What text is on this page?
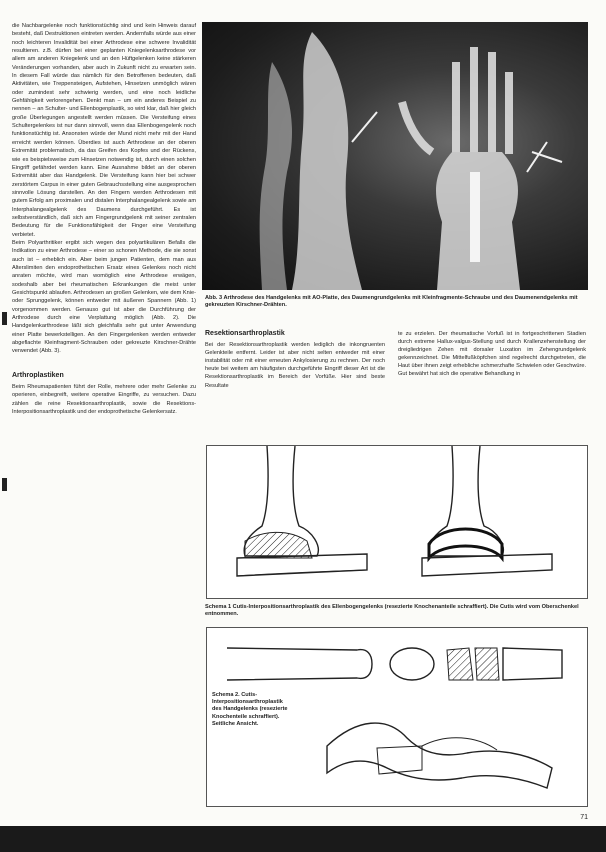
die Nachbargelenke noch funktionstüchtig sind und kein Hinweis darauf besteht, daß Destruktionen eintreten werden. Andernfalls würde aus einer noch leichteren Invalidität bei einer Arthrodese eine schwere Invalidität resultieren. z.B. dürfen bei einer geplanten Kniegelenksarthrodese vor allem am anderen Kniegelenk und an den Hüftgelenken keine stärkeren Veränderungen vorhanden, aber auch in Zukunft nicht zu erwarten sein. In diesem Fall würde das nämlich für den Betroffenen bedeuten, daß Aktivitäten, wie Treppensteigen, Aufstehen, Hinsetzen unmöglich wären oder zumindest sehr schwierig werden, und eine noch leidliche Gehfähigkeit verlorengehen. Denkt man – um ein anderes Beispiel zu nennen – an Schulter- und Ellenbogenplastik, so wird klar, daß hier gleich große Überlegungen angestellt werden müssen. Die Versteifung eines Schultergelenkes ist nur dann sinnvoll, wenn das Ellenbogengelenk noch funktionstüchtig ist. Ansonsten würde der Mund nicht mehr mit der Hand erreicht werden können. Überdies ist auch Arthrodese an der oberen Extremität problematisch, da das Greifen des Kopfes und der Rückens, wie es beispielsweise zum Hinsetzen notwendig ist, durch einen solchen Eingriff gefährdet werden kann. Eine Ausnahme bildet an der oberen Extremität aber das Handgelenk. Die Versteifung kann hier bei schwer zerstörtem Carpus in einer guten Gebrauchsstellung eine ausgesprochen sinnvolle Lösung darstellen. An den Fingern werden Arthrodesen mit gutem Erfolg am proximalen und distalen Interphalangealgelenk sowie am Interphalangealgelenk des Daumens durchgeführt. Es ist selbstverständlich, daß sich am Fingergrundgelenk mit seiner zentralen Bedeutung für die Funktionsfähigkeit der Finger eine Versteifung verbietet.

Beim Polyarthritiker ergibt sich wegen des polyartikulären Befalls die Indikation zu einer Arthrodese – einer so schonen Methode, die sie sonst auch ist – erheblich ein. Aber beim jungen Patienten, dem man aus Alterslimiten den endoprothetischen Ersatz eines Gelenkes noch nicht anraten möchte, wird man womöglich eine Arthrodese erwägen, sodeshalb aber bei rheumatischen Erkrankungen die meist unter Gesichtspunkt ablaufen. Arthrodesen an großen Gelenken, wie dem Knie- oder Sprunggelenk, können entweder mit äußeren Spannern (Abb. 1) vorgenommen werden. Genauso gut ist aber die Durchführung der Arthrodese durch eine Verplattung möglich (Abb. 2). Die Handgelenkarthrodese läßt sich gleichfalls sehr gut unter Anwendung einer Platte bewerkstelligen. An den Fingergelenken werden entweder abgeflachte Kleinfragment-Schrauben oder gekreuzte Kirschner-Drähte verwendet (Abb. 3).

Arthroplastiken

Beim Rheumapatienten führt der Rolle, mehrere oder mehr Gelenke zu operieren, einbegreift, weitere operative Eingriffe, zu versuchen. Dazu zählen die reine Resektionsarthroplastik, sowie die Resektions-Interpositionsarthroplastik und der endoprothetische Gelenkersatz.

Abb. 3 Arthrodese des Handgelenks mit AO-Platte, des Daumengrundgelenks mit Kleinfragmente-Schraube und des Daumenendgelenks mit gekreuzten Kirschner-Drähten.
Resektionsarthroplastik
Bei der Resektionsarthroplastik werden lediglich die inkongruenten Gelenkteile entfernt. Leider ist aber nicht selten entweder mit einer instabilität oder mit einer erneuten Ankylosierung zu rechnen. Der noch heute bei weitem am häufigsten durchgeführte Eingriff dieser Art ist die Resektionsarthroplastik im Bereich der Vorfüße. Hier sind beste Resultate
te zu erzielen. Der rheumatische Vorfuß ist in fortgeschrittenen Stadien durch extreme Hallux-valgus-Stellung und durch Krallenzehenstellung der dreigliedrigen Zehen mit dorsaler Luxation im Zehengrundgelenk gekennzeichnet. Die Mittelfußköpfchen sind regelrecht durchgetreten, die Haut über ihnen zeigt erhebliche schmerzhafte Schwielen oder Geschwüre. Gut bewährt hat sich die operative Behandlung in
Schema 1 Cutis-Interpositionsarthroplastik des Ellenbogengelenks (resezierte Knochenanteile schraffiert). Die Cutis wird vom Oberschenkel entnommen.
Schema 2. Cutis-Interpositionsarthroplastik des Handgelenks (resezierte Knochenteile schraffiert). Seitliche Ansicht.
71
